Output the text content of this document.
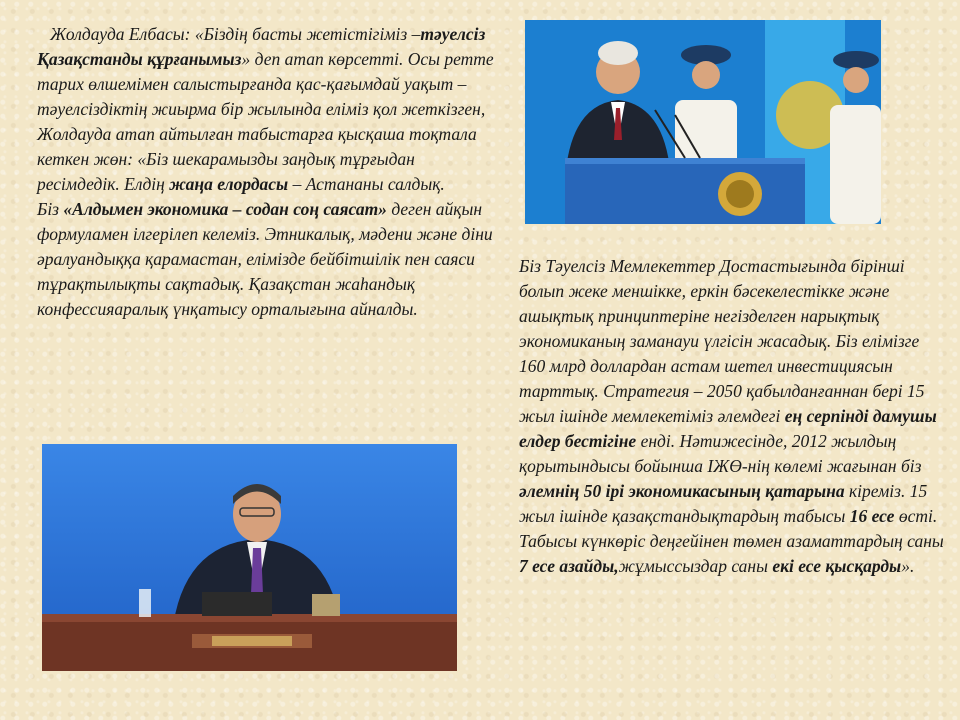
Жолдауда Елбасы: «Біздің басты жетістігіміз –тәуелсіз Қазақстанды құрғанымыз» деп атап көрсетті. Осы ретте тарих өлшемімен салыстырғанда қас-қағымдай уақыт – тәуелсіздіктің жиырма бір жылында еліміз қол жеткізген, Жолдауда атап айтылған табыстарға қысқаша тоқтала кеткен жөн: «Біз шекарамызды заңдық тұрғыдан ресімдедік. Елдің жаңа елордасы – Астананы салдық.
Біз «Алдымен экономика – содан соң саясат» деген айқын формуламен ілгерілеп келеміз. Этникалық, мәдени және діни әралуандыққа қарамастан, елімізде бейбітшілік пен саяси тұрақтылықты сақтадық. Қазақстан жаһандық конфессияаралық үнқатысу орталығына айналды.
Біз Тәуелсіз Мемлекеттер Достастығында бірінші болып жеке меншікке, еркін бәсекелестікке және ашықтық принциптеріне негізделген нарықтық экономиканың заманауи үлгісін жасадық. Біз елімізге 160 млрд доллардан астам шетел инвестициясын тарттық. Стратегия – 2050 қабылданғаннан бері 15 жыл ішінде мемлекетіміз әлемдегі ең серпінді дамушы елдер бестігіне енді. Нәтижесінде, 2012 жылдың қорытындысы бойынша ІЖӨ-нің көлемі жағынан біз әлемнің 50 ірі экономикасының қатарына кіреміз. 15 жыл ішінде қазақстандықтардың табысы 16 есе өсті. Табысы күнкөріс деңгейінен төмен азаматтардың саны 7 есе азайды,жұмыссыздар саны екі есе қысқарды».
